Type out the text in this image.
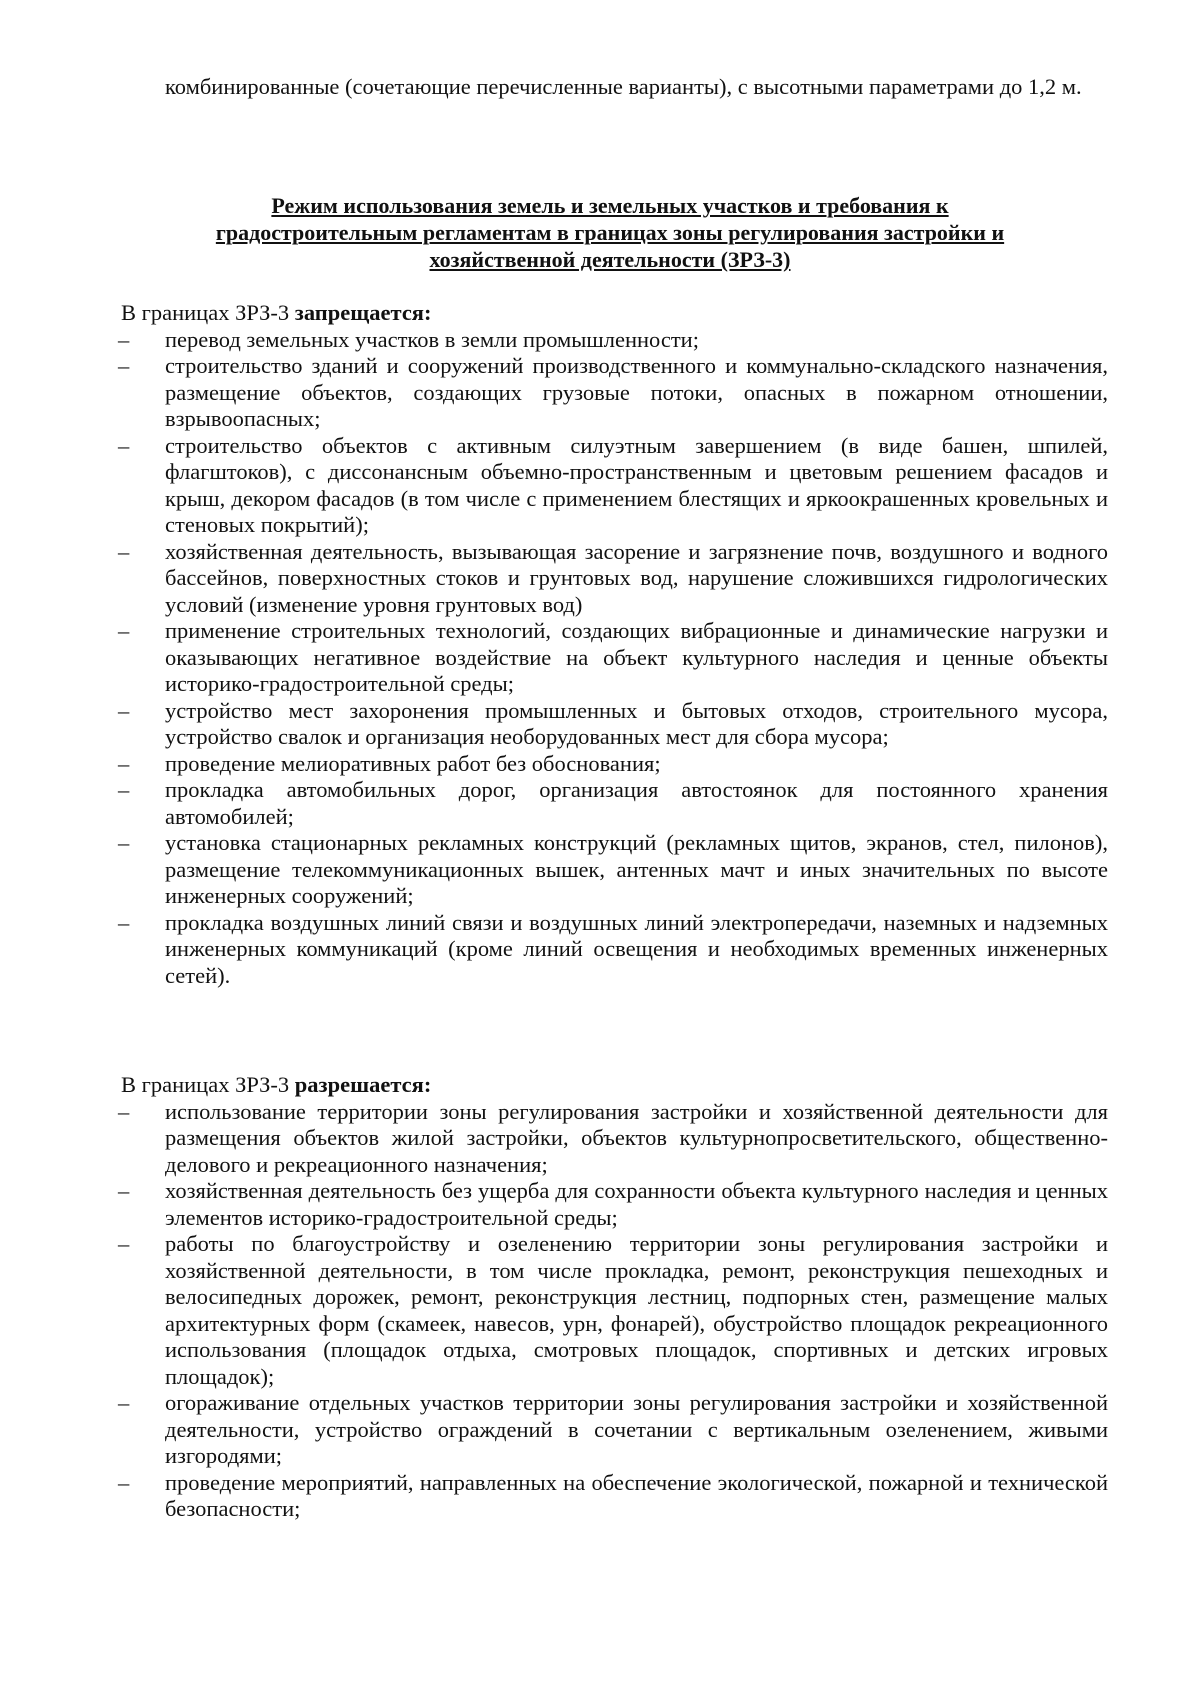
комбинированные (сочетающие перечисленные варианты), с высотными параметрами до 1,2 м.
Режим использования земель и земельных участков и требования к
градостроительным регламентам в границах зоны регулирования застройки и
хозяйственной деятельности (ЗРЗ-3)

В границах ЗРЗ-3 запрещается:

–	перевод земельных участков в земли промышленности;
–	строительство зданий и сооружений производственного и коммунально-складского назначения, размещение объектов, создающих грузовые потоки, опасных в пожарном отношении, взрывоопасных;
–	строительство объектов с активным силуэтным завершением (в виде башен, шпилей, флагштоков), с диссонансным объемно-пространственным и цветовым решением фасадов и крыш, декором фасадов (в том числе с применением блестящих и яркоокрашенных кровельных и стеновых покрытий);
–	хозяйственная деятельность, вызывающая засорение и загрязнение почв, воздушного и водного бассейнов, поверхностных стоков и грунтовых вод, нарушение сложившихся гидрологических условий (изменение уровня грунтовых вод)
–	применение строительных технологий, создающих вибрационные и динамические нагрузки и оказывающих негативное воздействие на объект культурного наследия и ценные объекты историко-градостроительной среды;
–	устройство мест захоронения промышленных и бытовых отходов, строительного мусора, устройство свалок и организация необорудованных мест для сбора мусора;
–	проведение мелиоративных работ без обоснования;
–	прокладка автомобильных дорог, организация автостоянок для постоянного хранения автомобилей;
–	установка стационарных рекламных конструкций (рекламных щитов, экранов, стел, пилонов), размещение телекоммуникационных вышек, антенных мачт и иных значительных по высоте инженерных сооружений;
–	прокладка воздушных линий связи и воздушных линий электропередачи, наземных и надземных инженерных коммуникаций (кроме линий освещения и необходимых временных инженерных сетей).

В границах ЗРЗ-3 разрешается:

–	использование территории зоны регулирования застройки и хозяйственной деятельности для размещения объектов жилой застройки, объектов культурнопросветительского, общественно-делового и рекреационного назначения;
–	хозяйственная деятельность без ущерба для сохранности объекта культурного наследия и ценных элементов историко-градостроительной среды;
–	работы по благоустройству и озеленению территории зоны регулирования застройки и хозяйственной деятельности, в том числе прокладка, ремонт, реконструкция пешеходных и велосипедных дорожек, ремонт, реконструкция лестниц, подпорных стен, размещение малых архитектурных форм (скамеек, навесов, урн, фонарей), обустройство площадок рекреационного использования (площадок отдыха, смотровых площадок, спортивных и детских игровых площадок);
–	огораживание отдельных участков территории зоны регулирования застройки и хозяйственной деятельности, устройство ограждений в сочетании с вертикальным озеленением, живыми изгородями;
–	проведение мероприятий, направленных на обеспечение экологической, пожарной и технической безопасности;
